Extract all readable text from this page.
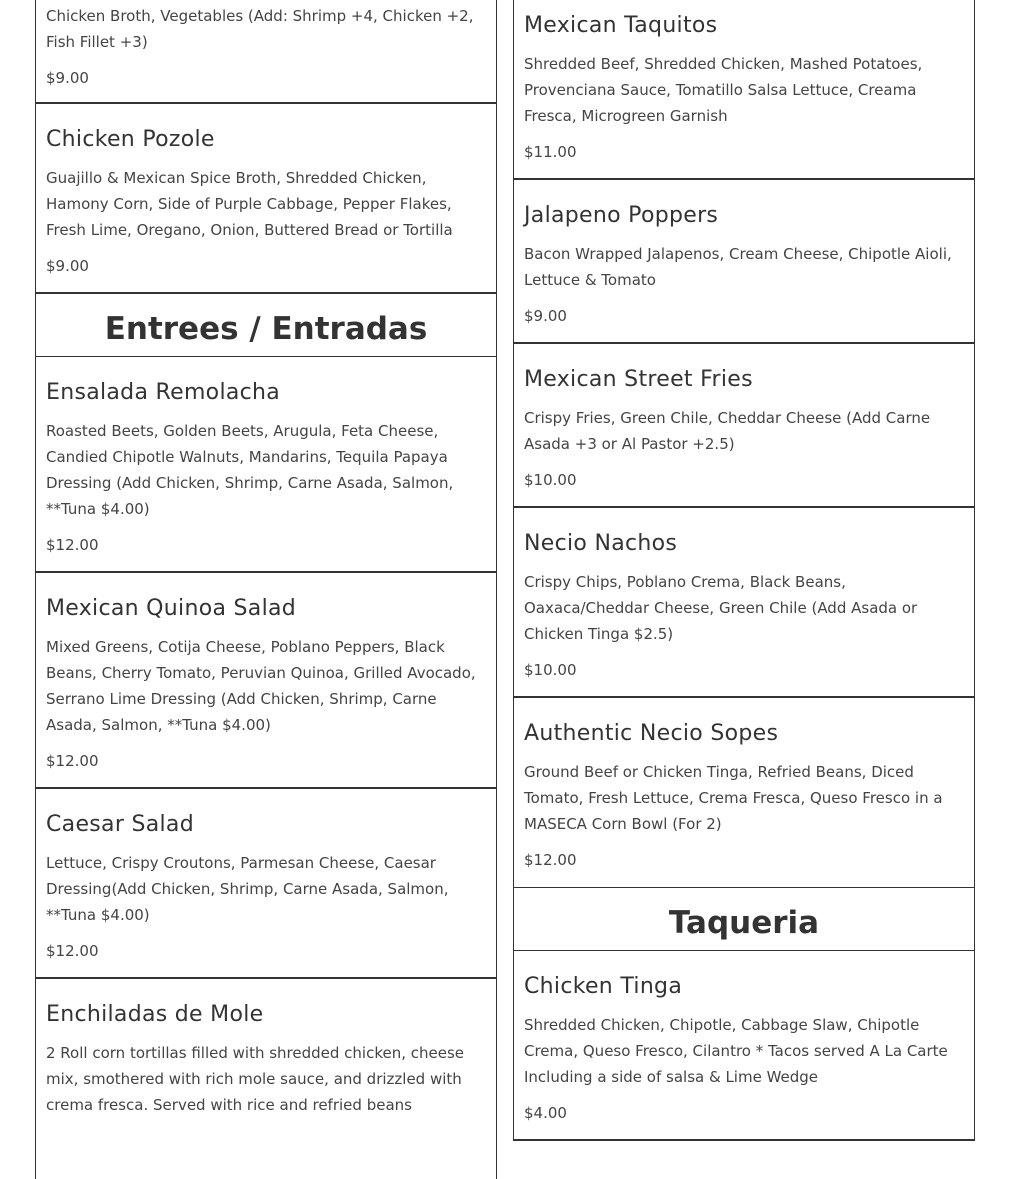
Chicken Broth, Vegetables (Add: Shrimp +4, Chicken +2, Fish Fillet +3)

$9.00

Chicken Pozole

Guajillo & Mexican Spice Broth, Shredded Chicken, Hamony Corn, Side of Purple Cabbage, Pepper Flakes, Fresh Lime, Oregano, Onion, Buttered Bread or Tortilla

$9.00

Entrees / Entradas
Ensalada Remolacha

Roasted Beets, Golden Beets, Arugula, Feta Cheese, Candied Chipotle Walnuts, Mandarins, Tequila Papaya Dressing (Add Chicken, Shrimp, Carne Asada, Salmon, **Tuna $4.00)

$12.00

Mexican Quinoa Salad

Mixed Greens, Cotija Cheese, Poblano Peppers, Black Beans, Cherry Tomato, Peruvian Quinoa, Grilled Avocado, Serrano Lime Dressing (Add Chicken, Shrimp, Carne Asada, Salmon, **Tuna $4.00)

$12.00

Caesar Salad

Lettuce, Crispy Croutons, Parmesan Cheese, Caesar Dressing(Add Chicken, Shrimp, Carne Asada, Salmon, **Tuna $4.00)

$12.00

Enchiladas de Mole

2 Roll corn tortillas filled with shredded chicken, cheese mix, smothered with rich mole sauce, and drizzled with crema fresca. Served with rice and refried beans

Mexican Taquitos

Shredded Beef, Shredded Chicken, Mashed Potatoes, Provenciana Sauce, Tomatillo Salsa Lettuce, Creama Fresca, Microgreen Garnish

$11.00

Jalapeno Poppers

Bacon Wrapped Jalapenos, Cream Cheese, Chipotle Aioli, Lettuce & Tomato

$9.00

Mexican Street Fries

Crispy Fries, Green Chile, Cheddar Cheese (Add Carne Asada +3 or Al Pastor +2.5)

$10.00

Necio Nachos

Crispy Chips, Poblano Crema, Black Beans, Oaxaca/Cheddar Cheese, Green Chile (Add Asada or Chicken Tinga $2.5)

$10.00

Authentic Necio Sopes

Ground Beef or Chicken Tinga, Refried Beans, Diced Tomato, Fresh Lettuce, Crema Fresca, Queso Fresco in a MASECA Corn Bowl (For 2)

$12.00

Taqueria
Chicken Tinga

Shredded Chicken, Chipotle, Cabbage Slaw, Chipotle Crema, Queso Fresco, Cilantro * Tacos served A La Carte Including a side of salsa & Lime Wedge

$4.00
